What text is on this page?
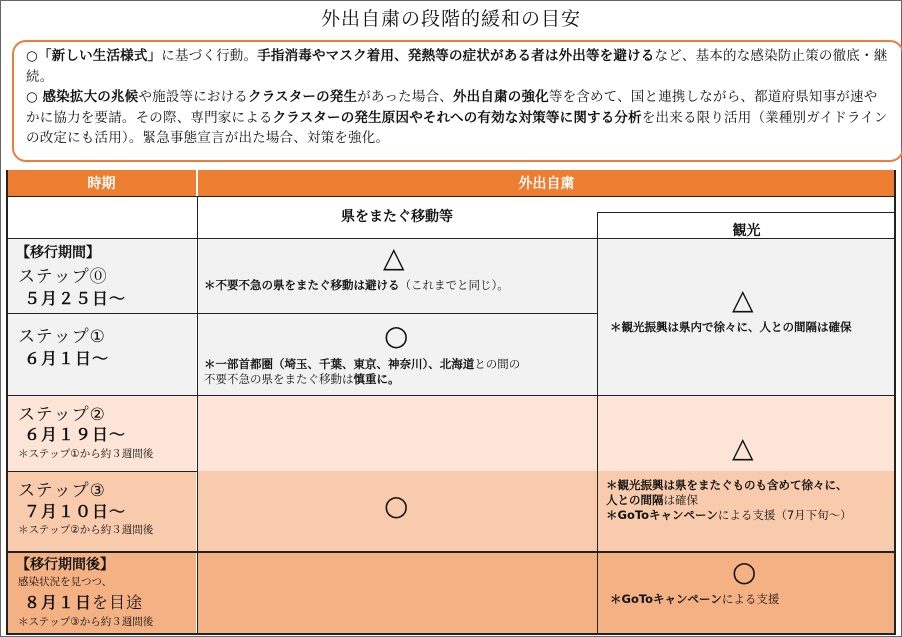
外出自粛の段階的緩和の目安

○「新しい生活様式」に基づく行動。手指消毒やマスク着用、発熱等の症状がある者は外出等を避けるなど、基本的な感染防止策の徹底・継続。

○ 感染拡大の兆候や施設等におけるクラスターの発生があった場合、外出自粛の強化等を含めて、国と連携しながら、都道府県知事が速やかに協力を要請。その際、専門家によるクラスターの発生原因やそれへの有効な対策等に関する分析を出来る限り活用（業種別ガイドラインの改定にも活用）。緊急事態宣言が出た場合、対策を強化。

時期	外出自粛
県をまたぐ移動等
観光
【移行期間】
ステップ⓪
５月２５日〜
ステップ①
６月１日〜
ステップ②
６月１９日〜
＊ステップ①から約３週間後
ステップ③
７月１０日〜
＊ステップ②から約３週間後
【移行期間後】
感染状況を見つつ、
８月１日を目途
＊ステップ③から約３週間後
△
＊不要不急の県をまたぐ移動は避ける（これまでと同じ）。
○
＊一部首都圏（埼玉、千葉、東京、神奈川）、北海道との間の
不要不急の県をまたぐ移動は慎重に。
○
△
＊観光振興は県内で徐々に、人との間隔は確保
△
＊観光振興は県をまたぐものも含めて徐々に、
人との間隔は確保
＊GoToキャンペーンによる支援（7月下旬〜）
○
＊GoToキャンペーンによる支援
